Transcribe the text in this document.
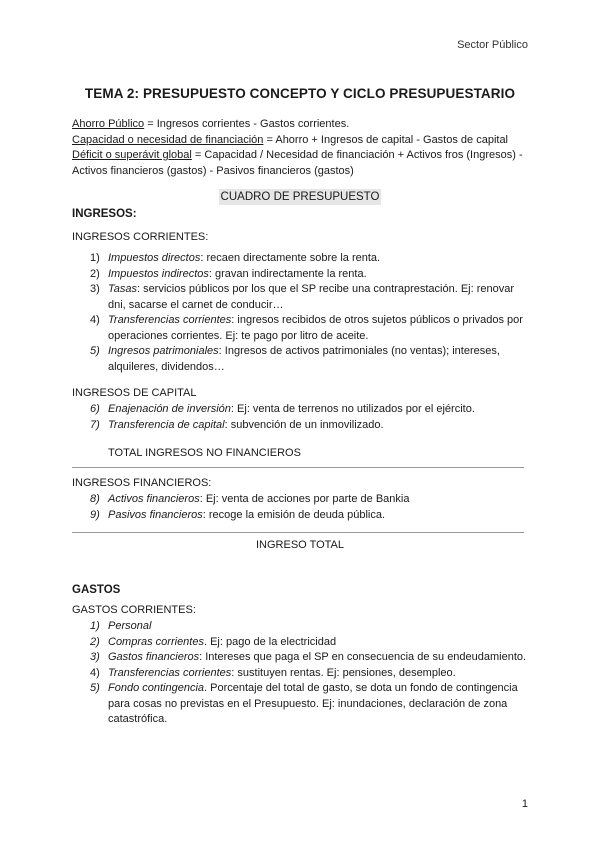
Sector Público
TEMA 2: PRESUPUESTO CONCEPTO Y CICLO PRESUPUESTARIO
Ahorro Público = Ingresos corrientes - Gastos corrientes.
Capacidad o necesidad de financiación = Ahorro + Ingresos de capital - Gastos de capital
Déficit o superávit global = Capacidad / Necesidad de financiación + Activos fros (Ingresos) - Activos financieros (gastos) - Pasivos financieros (gastos)
CUADRO DE PRESUPUESTO
INGRESOS:
INGRESOS CORRIENTES:
1) Impuestos directos: recaen directamente sobre la renta.
2) Impuestos indirectos: gravan indirectamente la renta.
3) Tasas: servicios públicos por los que el SP recibe una contraprestación. Ej: renovar dni, sacarse el carnet de conducir…
4) Transferencias corrientes: ingresos recibidos de otros sujetos públicos o privados por operaciones corrientes. Ej: te pago por litro de aceite.
5) Ingresos patrimoniales: Ingresos de activos patrimoniales (no ventas); intereses, alquileres, dividendos…
INGRESOS DE CAPITAL
6) Enajenación de inversión: Ej: venta de terrenos no utilizados por el ejército.
7) Transferencia de capital: subvención de un inmovilizado.
TOTAL INGRESOS NO FINANCIEROS
INGRESOS FINANCIEROS:
8) Activos financieros: Ej: venta de acciones por parte de Bankia
9) Pasivos financieros: recoge la emisión de deuda pública.
INGRESO TOTAL
GASTOS
GASTOS CORRIENTES:
1) Personal
2) Compras corrientes. Ej: pago de la electricidad
3) Gastos financieros: Intereses que paga el SP en consecuencia de su endeudamiento.
4) Transferencias corrientes: sustituyen rentas. Ej: pensiones, desempleo.
5) Fondo contingencia. Porcentaje del total de gasto, se dota un fondo de contingencia para cosas no previstas en el Presupuesto. Ej: inundaciones, declaración de zona catastrófica.
1
